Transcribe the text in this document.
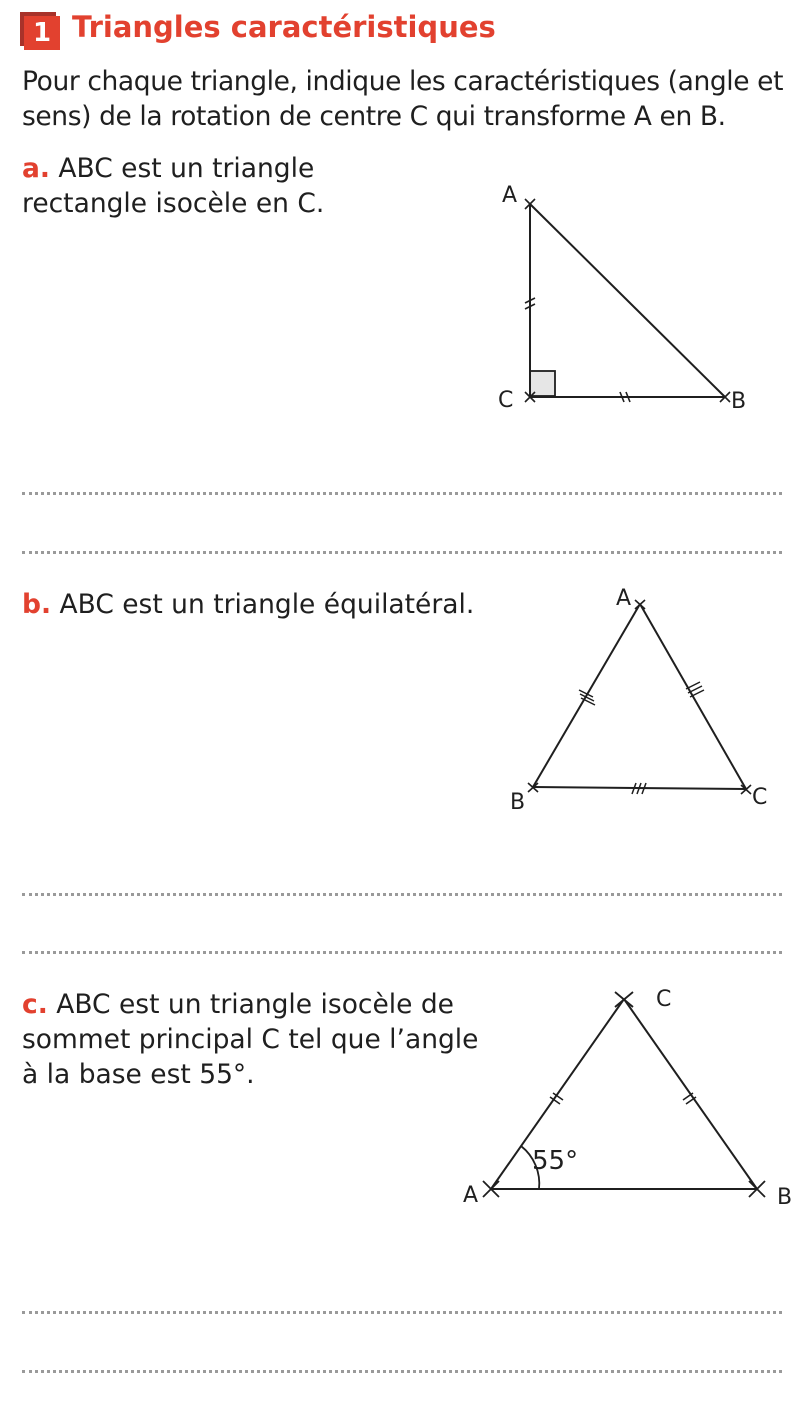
1 Triangles caractéristiques
Pour chaque triangle, indique les caractéristiques (angle et sens) de la rotation de centre C qui transforme A en B.
a. ABC est un triangle
rectangle isocèle en C.	A
C	B
b. ABC est un triangle équilatéral.	A
B	C
c. ABC est un triangle isocèle de
sommet principal C tel que l’angle
à la base est 55°.
55°
C
A	B
